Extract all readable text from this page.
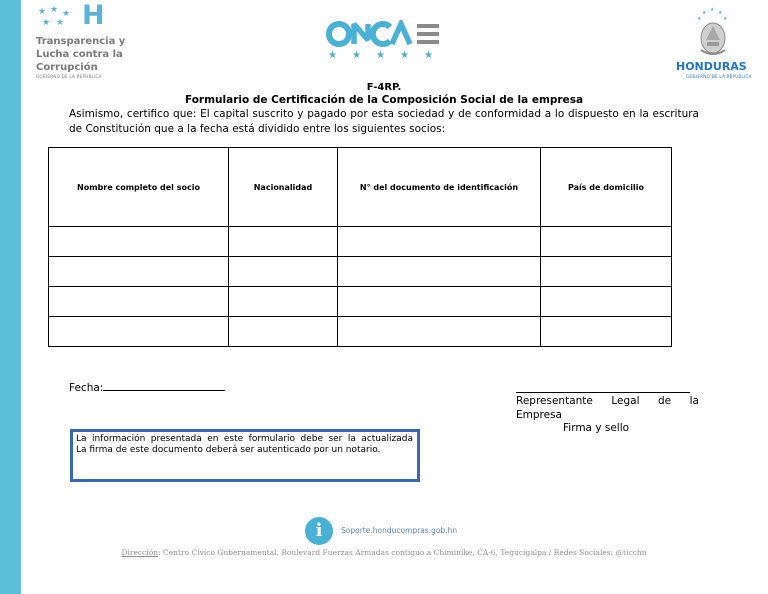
★ ★ ★
★ ★ H
Transparencia y
Lucha contra la
Corrupción
GOBIERNO DE LA REPÚBLICA
★ ★ ★ ★ ★
★ ★ ★
★	★
HONDURAS
GOBIERNO DE LA REPÚBLICA
F-4RP.
Formulario de Certificación de la Composición Social de la empresa
Asimismo, certifico que: El capital suscrito y pagado por esta sociedad y de conformidad a lo dispuesto en la escritura de Constitución que a la fecha está dividido entre los siguientes socios:
Nombre completo del socio	Nacionalidad	N° del documento de identificación	País de domicilio

Fecha:
Representante Legal de la Empresa
Firma y sello
La información presentada en este formulario debe ser la actualizada
La firma de este documento deberá ser autenticado por un notario.
i	Soporte.honducompras.gob.hn
Dirección: Centro Cívico Gubernamental, Boulevard Fuerzas Armadas contiguo a Chiminike, CA-6, Tegucigalpa / Redes Sociales: @ticchn
